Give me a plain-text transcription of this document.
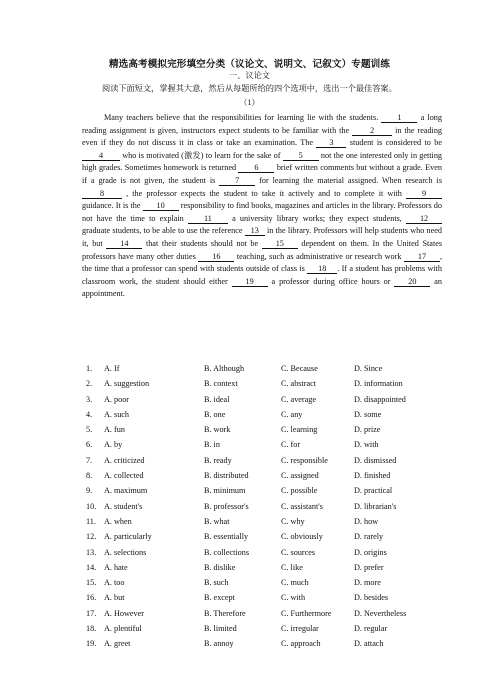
精选高考模拟完形填空分类（议论文、说明文、记叙文）专题训练
一、议论文
阅读下面短文，掌握其大意，然后从每题所给的四个选项中，选出一个最佳答案。
（1）

Many teachers believe that the responsibilities for learning lie with the students. 1 a long reading assignment is given, instructors expect students to be familiar with the	2	in the reading even if they do not discuss it in class or take an examination. The 3 student is considered to be 4 who is motivated (激发) to learn for the sake of 5 not the one interested only in getting high grades. Sometimes homework is returned 6 brief written comments but without a grade. Even if a grade is not given, the student is 7 for learning the material assigned. When research is 8	, the professor expects the student to take it actively and to complete it with 9 guidance. It is the 10 responsibility to find books, magazines and articles in the library. Professors do not have the time to explain 11 a university library works; they expect students, 12 graduate students, to be able to use the reference 13 in the library. Professors will help students who need it, but 14 that their students should not be 15 dependent on them. In the United States professors have many other duties 16 teaching, such as administrative or research work 17 , the time that a professor can spend with students outside of class is 18 . If a student has problems with classroom work, the student should either 19 a professor during office hours or 20 an appointment.

1. A. If	B. Although	C. Because	D. Since
2. A. suggestion	B. context	C. abstract	D. information
3. A. poor	B. ideal	C. average	D. disappointed
4. A. such	B. one	C. any	D. some
5. A. fun	B. work	C. learning	D. prize
6. A. by	B. in	C. for	D. with
7. A. criticized	B. ready	C. responsible	D. dismissed
8. A. collected	B. distributed	C. assigned	D. finished
9. A. maximum	B. minimum	C. possible	D. practical
10. A. student's	B. professor's	C. assistant's	D. librarian's
11. A. when	B. what	C. why	D. how
12. A. particularly	B. essentially	C. obviously	D. rarely
13. A. selections	B. collections	C. sources	D. origins
14. A. hate	B. dislike	C. like	D. prefer
15. A. too	B. such	C. much	D. more
16. A. but	B. except	C. with	D. besides
17. A. However	B. Therefore	C. Furthermore	D. Nevertheless
18. A. plentiful	B. limited	C. irregular	D. regular
19. A. greet	B. annoy	C. approach	D. attach
